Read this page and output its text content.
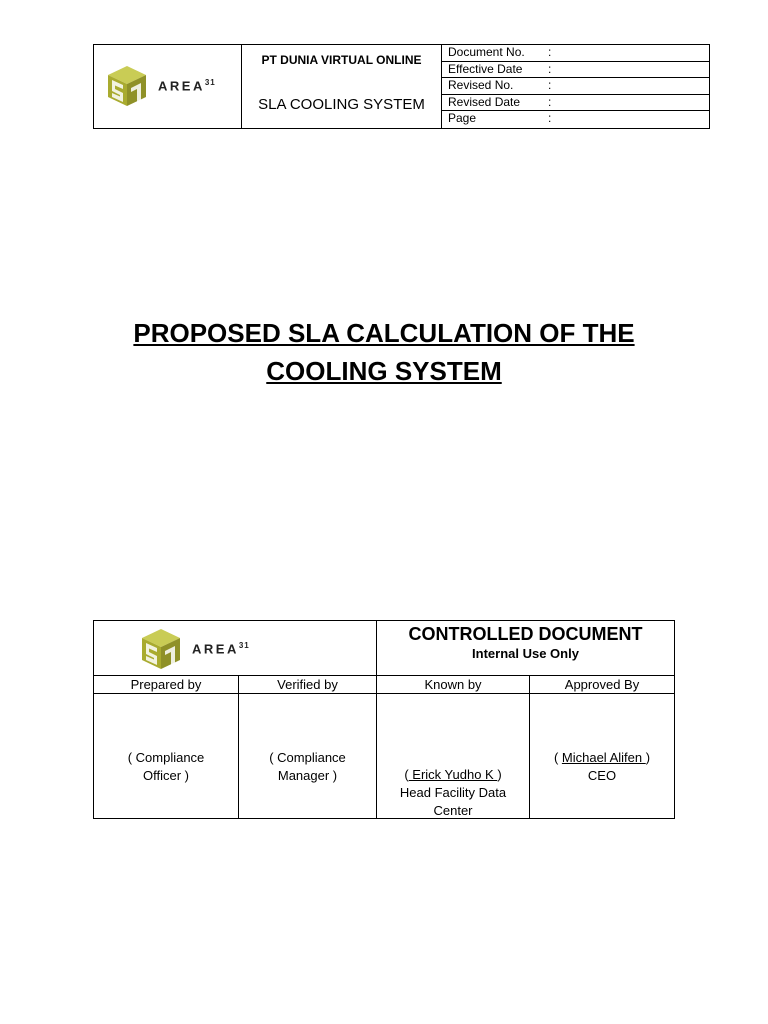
AREA$^{31}$
PT DUNIA VIRTUAL ONLINE
SLA COOLING SYSTEM
Document No. :
Effective Date :
Revised No.	:
Revised Date :
Page	:
PROPOSED SLA CALCULATION OF THE
COOLING SYSTEM
AREA$^{31}$
CONTROLLED DOCUMENT
Internal Use Only
Prepared by
( Compliance
Officer )
Verified by
( Compliance
Manager )
Known by
( Erick Yudho K )
Head Facility Data
Center
Approved By
( Michael Alifen )
CEO
